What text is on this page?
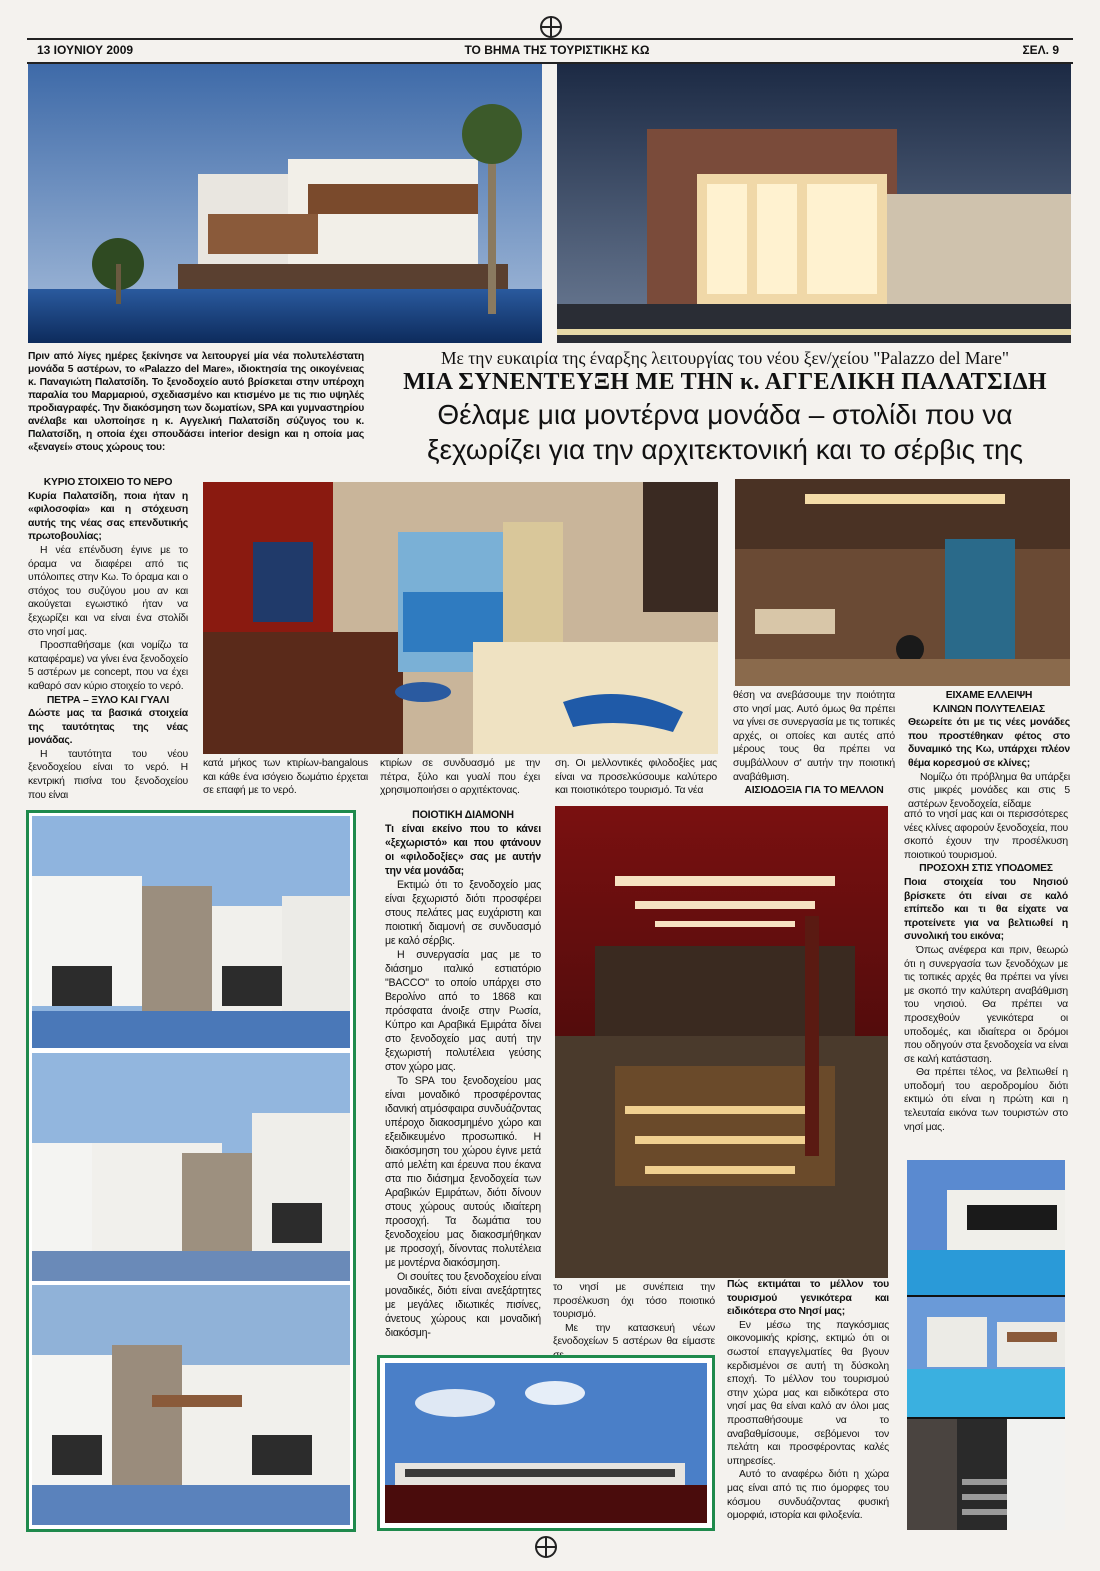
13 ΙΟΥΝΙΟΥ 2009	ΤΟ ΒΗΜΑ ΤΗΣ ΤΟΥΡΙΣΤΙΚΗΣ ΚΩ	ΣΕΛ. 9

Πριν από λίγες ημέρες ξεκίνησε να λειτουργεί μία νέα πολυτελέστατη μονάδα 5 αστέρων, το «Palazzo del Mare», ιδιοκτησία της οικογένειας κ. Παναγιώτη Παλατσίδη. Το ξενοδοχείο αυτό βρίσκεται στην υπέροχη παραλία του Μαρμαριού, σχεδιασμένο και κτισμένο με τις πιο υψηλές προδιαγραφές. Την διακόσμηση των δωματίων, SPA και γυμναστηρίου ανέλαβε και υλοποίησε η κ. Αγγελική Παλατσίδη σύζυγος του κ. Παλατσίδη, η οποία έχει σπουδάσει interior design και η οποία μας «ξεναγεί» στους χώρους του:

Με την ευκαιρία της έναρξης λειτουργίας του νέου ξεν/χείου "Palazzo del Mare"
ΜΙΑ ΣΥΝΕΝΤΕΥΞΗ ΜΕ ΤΗΝ κ. ΑΓΓΕΛΙΚΗ ΠΑΛΑΤΣΙΔΗ
Θέλαμε μια μοντέρνα μονάδα – στολίδι που να
ξεχωρίζει για την αρχιτεκτονική και το σέρβις της

ΚΥΡΙΟ ΣΤΟΙΧΕΙΟ ΤΟ ΝΕΡΟ

Κυρία Παλατσίδη, ποια ήταν η «φιλοσοφία» και η στόχευση αυτής της νέας σας επενδυτικής πρωτοβουλίας;

Η νέα επένδυση έγινε με το όραμα να διαφέρει από τις υπόλοιπες στην Κω. Το όραμα και ο στόχος του συζύγου μου αν και ακούγεται εγωιστικό ήταν να ξεχωρίζει και να είναι ένα στολίδι στο νησί μας.

Προσπαθήσαμε (και νομίζω τα καταφέραμε) να γίνει ένα ξενοδοχείο 5 αστέρων με concept, που να έχει καθαρό σαν κύριο στοιχείο το νερό.

ΠΕΤΡΑ – ΞΥΛΟ ΚΑΙ ΓΥΑΛΙ

Δώστε μας τα βασικά στοιχεία της ταυτότητας της νέας μονάδας.

Η ταυτότητα του νέου ξενοδοχείου είναι το νερό. Η κεντρική πισίνα του ξενοδοχείου που είναι

κατά μήκος των κτιρίων-bangalous και κάθε ένα ισόγειο δωμάτιο έρχεται σε επαφή με το νερό.

κτιρίων σε συνδυασμό με την πέτρα, ξύλο και γυαλί που έχει χρησιμοποιήσει ο αρχιτέκτονας.

ση. Οι μελλοντικές φιλοδοξίες μας είναι να προσελκύσουμε καλύτερο και ποιοτικότερο τουρισμό. Τα νέα

θέση να ανεβάσουμε την ποιότητα στο νησί μας. Αυτό όμως θα πρέπει να γίνει σε συνεργασία με τις τοπικές αρχές, οι οποίες και αυτές από μέρους τους θα πρέπει να συμβάλλουν σ' αυτήν την ποιοτική αναβάθμιση.

ΑΙΣΙΟΔΟΞΙΑ ΓΙΑ ΤΟ ΜΕΛΛΟΝ

ΕΙΧΑΜΕ ΕΛΛΕΙΨΗ

ΚΛΙΝΩΝ ΠΟΛΥΤΕΛΕΙΑΣ

Θεωρείτε ότι με τις νέες μονάδες που προστέθηκαν φέτος στο δυναμικό της Κω, υπάρχει πλέον θέμα κορεσμού σε κλίνες;

Νομίζω ότι πρόβλημα θα υπάρξει στις μικρές μονάδες και στις 5 αστέρων ξενοδοχεία, είδαμε

ΠΟΙΟΤΙΚΗ ΔΙΑΜΟΝΗ

Τι είναι εκείνο που το κάνει «ξεχωριστό» και που φτάνουν οι «φιλοδοξίες» σας με αυτήν την νέα μονάδα;

Εκτιμώ ότι το ξενοδοχείο μας είναι ξεχωριστό διότι προσφέρει στους πελάτες μας ευχάριστη και ποιοτική διαμονή σε συνδυασμό με καλό σέρβις.

Η συνεργασία μας με το διάσημο ιταλικό εστιατόριο "BACCO" το οποίο υπάρχει στο Βερολίνο από το 1868 και πρόσφατα άνοιξε στην Ρωσία, Κύπρο και Αραβικά Εμιράτα δίνει στο ξενοδοχείο μας αυτή την ξεχωριστή πολυτέλεια γεύσης στον χώρο μας.

Το SPA του ξενοδοχείου μας είναι μοναδικό προσφέροντας ιδανική ατμόσφαιρα συνδυάζοντας υπέροχο διακοσμημένο χώρο και εξειδικευμένο προσωπικό. Η διακόσμηση του χώρου έγινε μετά από μελέτη και έρευνα που έκανα στα πιο διάσημα ξενοδοχεία των Αραβικών Εμιράτων, διότι δίνουν στους χώρους αυτούς ιδιαίτερη προσοχή. Τα δωμάτια του ξενοδοχείου μας διακοσμήθηκαν με προσοχή, δίνοντας πολυτέλεια με μοντέρνα διακόσμηση.

Οι σουίτες του ξενοδοχείου είναι μοναδικές, διότι είναι ανεξάρτητες με μεγάλες ιδιωτικές πισίνες, άνετους χώρους και μοναδική διακόσμη-

το νησί με συνέπεια την προσέλκυση όχι τόσο ποιοτικό τουρισμό.

Με την κατασκευή νέων ξενοδοχείων 5 αστέρων θα είμαστε

Πώς εκτιμάται το μέλλον του τουρισμού γενικότερα και ειδικότερα στο Νησί μας;

Εν μέσω της παγκόσμιας οικονομικής κρίσης, εκτιμώ ότι οι σωστοί επαγγελματίες θα βγουν κερδισμένοι σε αυτή τη δύσκολη εποχή. Το μέλλον του τουρισμού στην χώρα μας και ειδικότερα στο νησί μας θα είναι καλό αν όλοι μας προσπαθήσουμε να το αναβαθμίσουμε, σεβόμενοι τον πελάτη και προσφέροντας καλές υπηρεσίες.

Αυτό το αναφέρω διότι η χώρα μας είναι από τις πιο όμορφες του κόσμου συνδυάζοντας φυσική ομορφιά, ιστορία και φιλοξενία.

από το νησί μας και οι περισσότερες νέες κλίνες αφορούν ξενοδοχεία, που σκοπό έχουν την προσέλκυση ποιοτικού τουρισμού.

ΠΡΟΣΟΧΗ ΣΤΙΣ ΥΠΟΔΟΜΕΣ

Ποια στοιχεία του Νησιού βρίσκετε ότι είναι σε καλό επίπεδο και τι θα είχατε να προτείνετε για να βελτιωθεί η συνολική του εικόνα;

Όπως ανέφερα και πριν, θεωρώ ότι η συνεργασία των ξενοδόχων με τις τοπικές αρχές θα πρέπει να γίνει με σκοπό την καλύτερη αναβάθμιση του νησιού. Θα πρέπει να προσεχθούν γενικότερα οι υποδομές, και ιδιαίτερα οι δρόμοι που οδηγούν στα ξενοδοχεία να είναι σε καλή κατάσταση.

Θα πρέπει τέλος, να βελτιωθεί η υποδομή του αεροδρομίου διότι εκτιμώ ότι είναι η πρώτη και η τελευταία εικόνα των τουριστών στο νησί μας.
